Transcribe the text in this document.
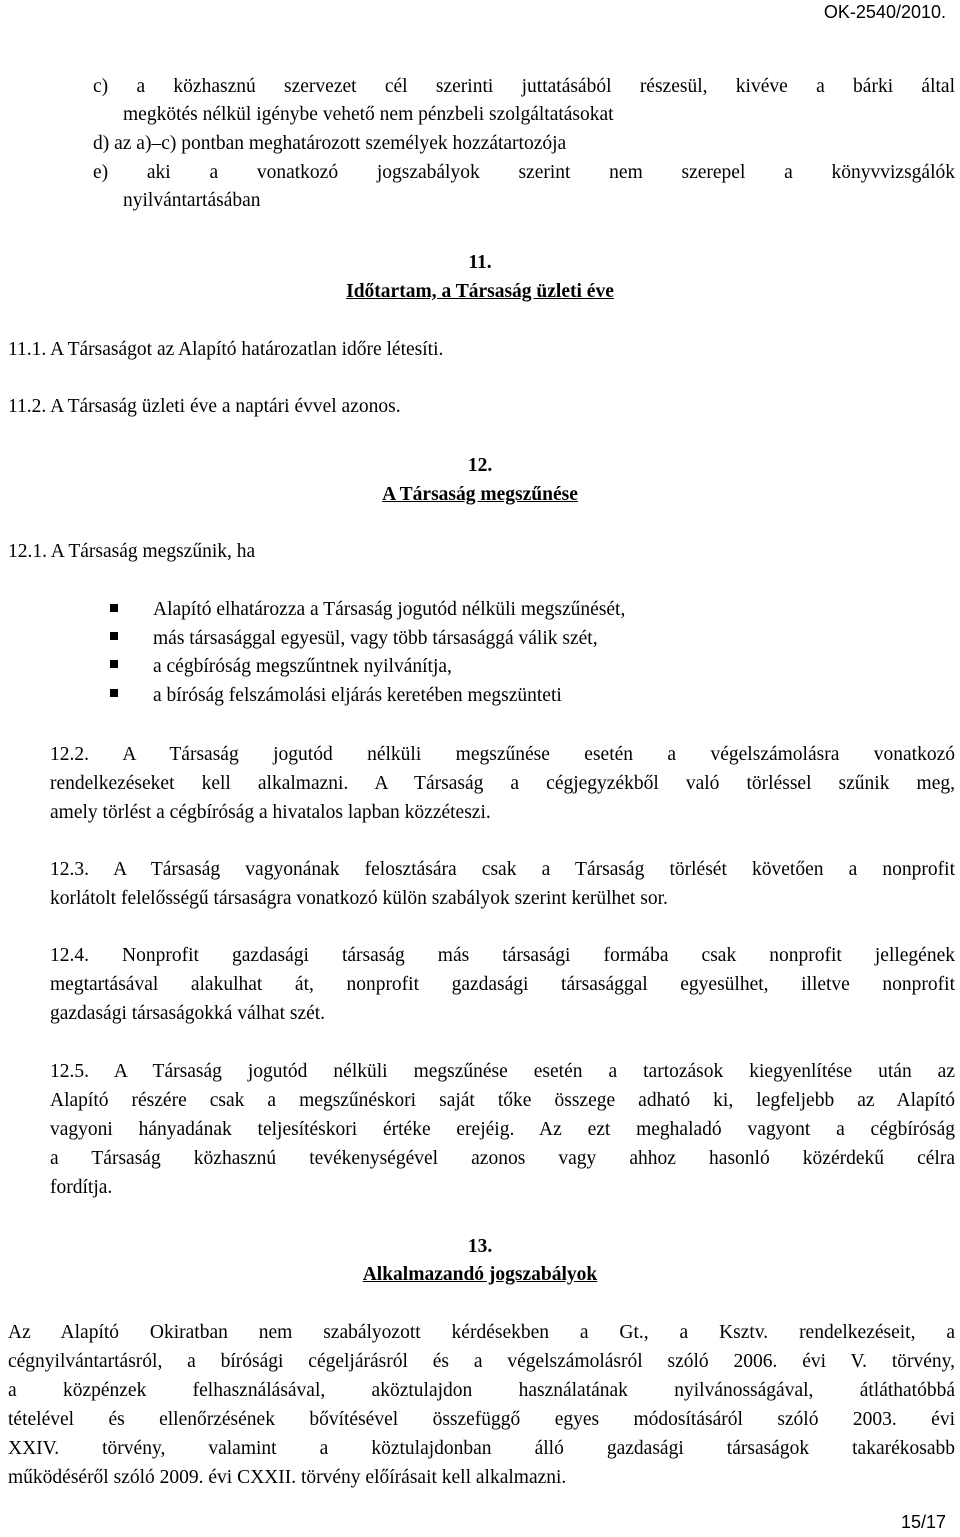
OK-2540/2010.
c) a közhasznú szervezet cél szerinti juttatásából részesül, kivéve a bárki által
megkötés nélkül igénybe vehető nem pénzbeli szolgáltatásokat
d) az a)–c) pontban meghatározott személyek hozzátartozója
e) aki a vonatkozó jogszabályok szerint nem szerepel a könyvvizsgálók
nyilvántartásában
11.
Időtartam, a Társaság üzleti éve
11.1. A Társaságot az Alapító határozatlan időre létesíti.
11.2. A Társaság üzleti éve a naptári évvel azonos.
12.
A Társaság megszűnése
12.1. A Társaság megszűnik, ha
Alapító elhatározza a Társaság jogutód nélküli megszűnését,
más társasággal egyesül, vagy több társasággá válik szét,
a cégbíróság megszűntnek nyilvánítja,
a bíróság felszámolási eljárás keretében megszünteti
12.2. A Társaság jogutód nélküli megszűnése esetén a végelszámolásra vonatkozó
rendelkezéseket kell alkalmazni. A Társaság a cégjegyzékből való törléssel szűnik meg,
amely törlést a cégbíróság a hivatalos lapban közzéteszi.
12.3. A Társaság vagyonának felosztására csak a Társaság törlését követően a nonprofit
korlátolt felelősségű társaságra vonatkozó külön szabályok szerint kerülhet sor.
12.4. Nonprofit gazdasági társaság más társasági formába csak nonprofit jellegének
megtartásával alakulhat át, nonprofit gazdasági társasággal egyesülhet, illetve nonprofit
gazdasági társaságokká válhat szét.
12.5. A Társaság jogutód nélküli megszűnése esetén a tartozások kiegyenlítése után az
Alapító részére csak a megszűnéskori saját tőke összege adható ki, legfeljebb az Alapító
vagyoni hányadának teljesítéskori értéke erejéig. Az ezt meghaladó vagyont a cégbíróság
a Társaság közhasznú tevékenységével azonos vagy ahhoz hasonló közérdekű célra
fordítja.
13.
Alkalmazandó jogszabályok
Az Alapító Okiratban nem szabályozott kérdésekben a Gt., a Ksztv. rendelkezéseit, a
cégnyilvántartásról, a bírósági cégeljárásról és a végelszámolásról szóló 2006. évi V. törvény,
a közpénzek felhasználásával, aköztulajdon használatának nyilvánosságával, átláthatóbbá
tételével és ellenőrzésének bővítésével összefüggő egyes módosításáról szóló 2003. évi
XXIV. törvény, valamint a köztulajdonban álló gazdasági társaságok takarékosabb
működéséről szóló 2009. évi CXXII. törvény előírásait kell alkalmazni.
15/17
